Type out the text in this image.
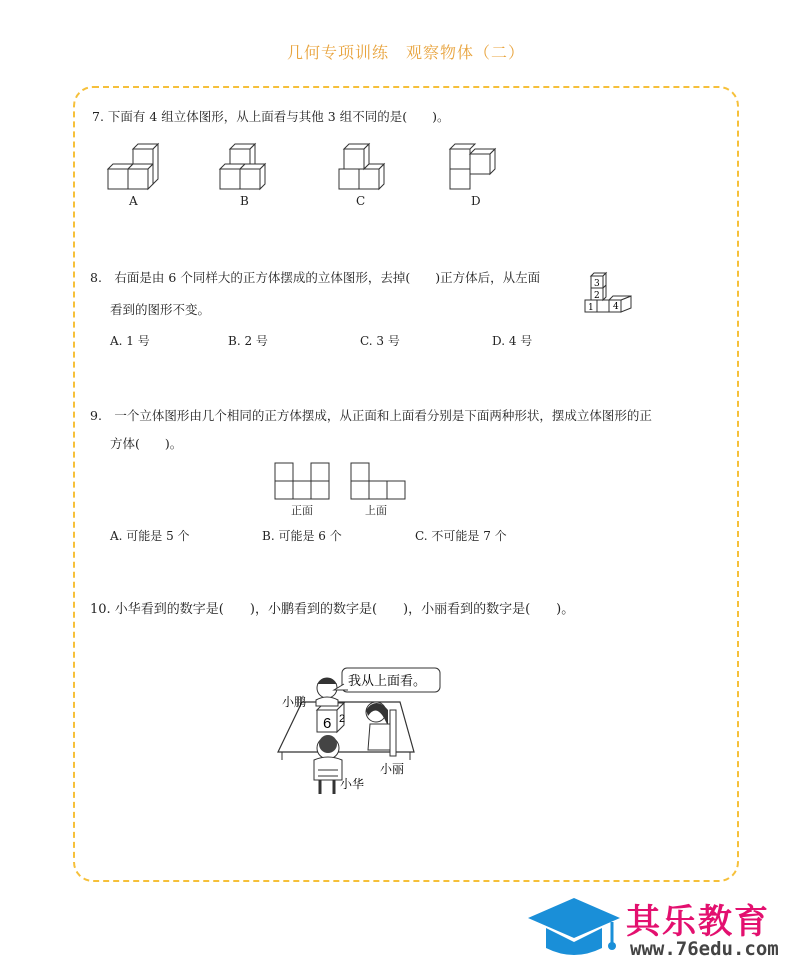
几何专项训练　观察物体（二）
7. 下面有 4 组立体图形，从上面看与其他 3 组不同的是(　　)。
A	B	C	D
8.　右面是由 6 个同样大的正方体摆成的立体图形，去掉(　　)正方体后，从左面
看到的图形不变。
3
2
1 4
A. 1 号	B. 2 号	C. 3 号	D. 4 号
9.　一个立体图形由几个相同的正方体摆成，从正面和上面看分别是下面两种形状，摆成立体图形的正
方体(　　)。
正面	上面
A. 可能是 5 个	B. 可能是 6 个	C. 不可能是 7 个
10. 小华看到的数字是(　　)，小鹏看到的数字是(　　)，小丽看到的数字是(　　)。
6 2
我从上面看。
小鹏
小丽
小华
其乐教育
www.76edu.com
